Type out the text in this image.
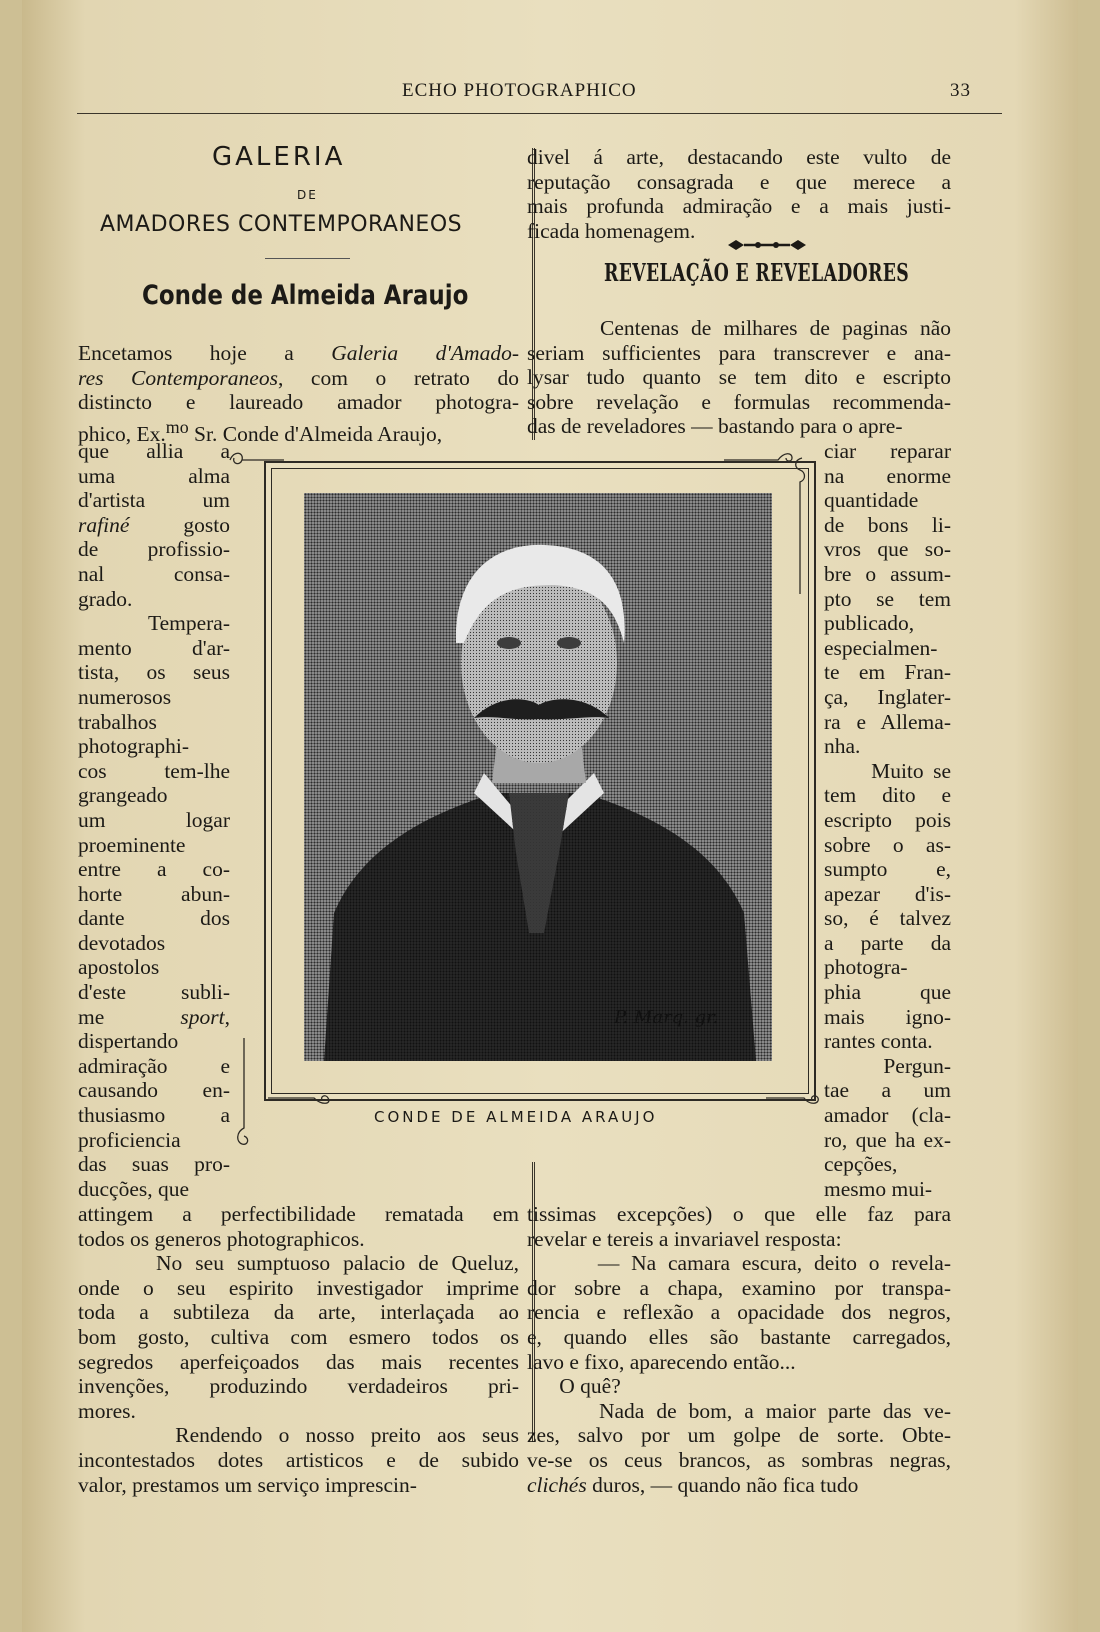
ECHO PHOTOGRAPHICO	33
GALERIA
DE
AMADORES CONTEMPORANEOS
Conde de Almeida Araujo
Encetamos hoje a Galeria d'Amado-
res Contemporaneos, com o retrato do
distincto e laureado amador photogra-
phico, Ex.$^{mo}$ Sr. Conde d'Almeida Araujo,
que allia a
uma alma
d'artista um
rafiné gosto
de profissio-
nal consa-
grado.
Tempera-
mento d'ar-
tista, os seus
numerosos
trabalhos
photographi-
cos tem-lhe
grangeado
um logar
proeminente
entre a co-
horte abun-
dante dos
devotados
apostolos
d'este subli-
me sport,
dispertando
admiração e
causando en-
thusiasmo a
proficiencia
das suas pro-
ducções, que
attingem a perfectibilidade rematada em
todos os generos photographicos.
No seu sumptuoso palacio de Queluz,
onde o seu espirito investigador imprime
toda a subtileza da arte, interlaçada ao
bom gosto, cultiva com esmero todos os
segredos aperfeiçoados das mais recentes
invenções, produzindo verdadeiros pri-
mores.
Rendendo o nosso preito aos seus
incontestados dotes artisticos e de subido
valor, prestamos um serviço imprescin-
divel á arte, destacando este vulto de
reputação consagrada e que merece a
mais profunda admiração e a mais justi-
ficada homenagem.
REVELAÇÃO E REVELADORES
Centenas de milhares de paginas não
seriam sufficientes para transcrever e ana-
lysar tudo quanto se tem dito e escripto
sobre revelação e formulas recommenda-
das de reveladores — bastando para o apre-
ciar reparar
na enorme
quantidade
de bons li-
vros que so-
bre o assum-
pto se tem
publicado,
especialmen-
te em Fran-
ça, Inglater-
ra e Allema-
nha.
Muito se
tem dito e
escripto pois
sobre o as-
sumpto e,
apezar d'is-
so, é talvez
a parte da
photogra-
phia que
mais igno-
rantes conta.
Pergun-
tae a um
amador (cla-
ro, que ha ex-
cepções,
mesmo mui-
tissimas excepções) o que elle faz para
revelar e tereis a invariavel resposta:
— Na camara escura, deito o revela-
dor sobre a chapa, examino por transpa-
rencia e reflexão a opacidade dos negros,
e, quando elles são bastante carregados,
lavo e fixo, aparecendo então...
O quê?
Nada de bom, a maior parte das ve-
zes, salvo por um golpe de sorte. Obte-
ve-se os ceus brancos, as sombras negras,
clichés duros, — quando não fica tudo
P. Marq. gr.
CONDE DE ALMEIDA ARAUJO
